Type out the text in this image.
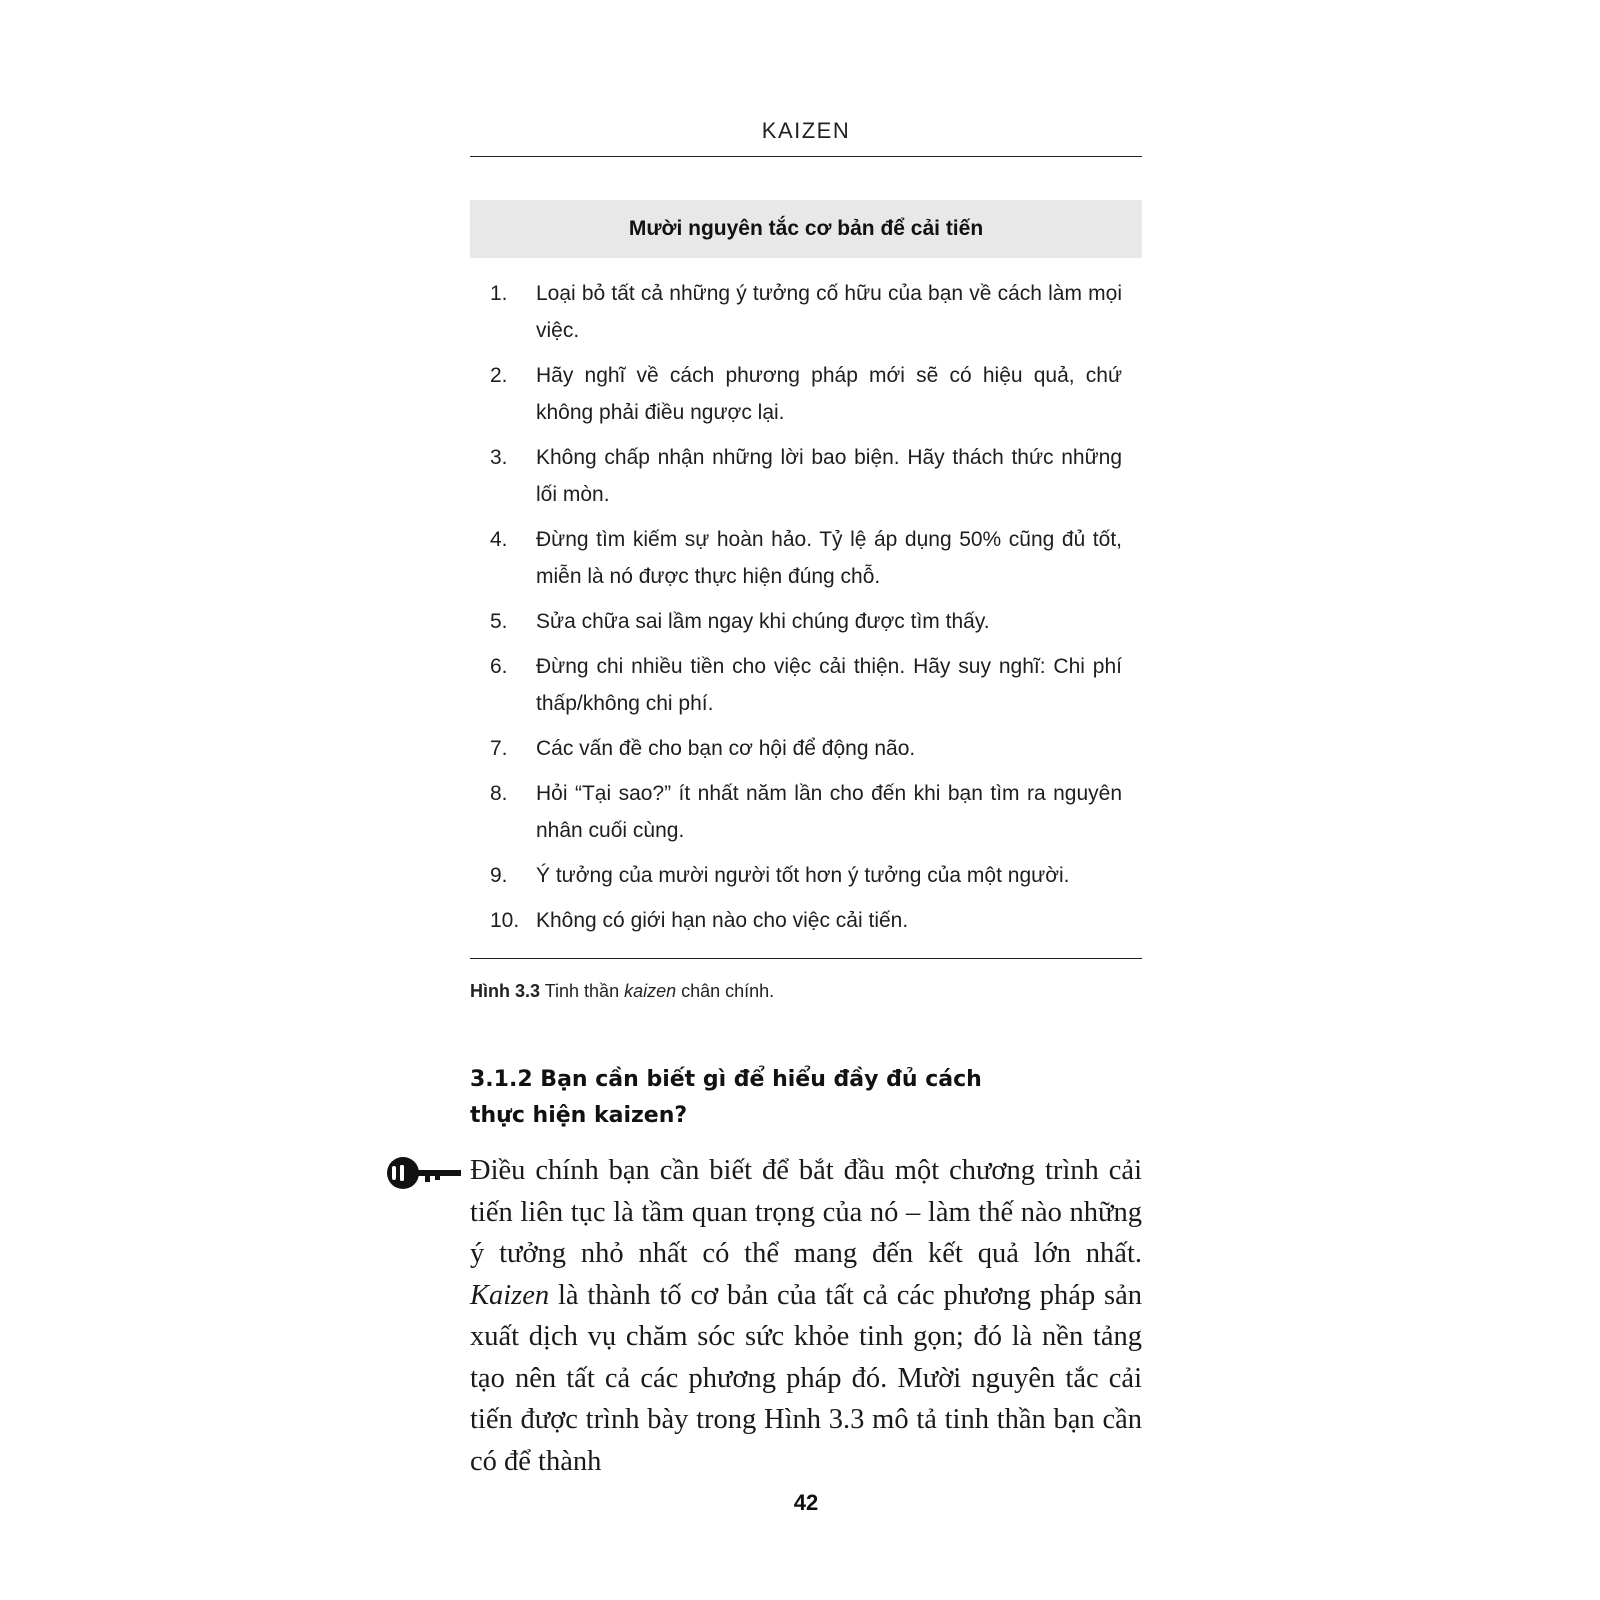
KAIZEN
Mười nguyên tắc cơ bản để cải tiến
1.	Loại bỏ tất cả những ý tưởng cố hữu của bạn về cách làm mọi việc.
2.	Hãy nghĩ về cách phương pháp mới sẽ có hiệu quả, chứ không phải điều ngược lại.
3.	Không chấp nhận những lời bao biện. Hãy thách thức những lối mòn.
4.	Đừng tìm kiếm sự hoàn hảo. Tỷ lệ áp dụng 50% cũng đủ tốt, miễn là nó được thực hiện đúng chỗ.
5.	Sửa chữa sai lầm ngay khi chúng được tìm thấy.
6.	Đừng chi nhiều tiền cho việc cải thiện. Hãy suy nghĩ: Chi phí thấp/không chi phí.
7.	Các vấn đề cho bạn cơ hội để động não.
8.	Hỏi “Tại sao?” ít nhất năm lần cho đến khi bạn tìm ra nguyên nhân cuối cùng.
9.	Ý tưởng của mười người tốt hơn ý tưởng của một người.
10. Không có giới hạn nào cho việc cải tiến.
Hình 3.3 Tinh thần kaizen chân chính.
3.1.2 Bạn cần biết gì để hiểu đầy đủ cách
thực hiện kaizen?

Điều chính bạn cần biết để bắt đầu một chương trình cải tiến liên tục là tầm quan trọng của nó – làm thế nào những ý tưởng nhỏ nhất có thể mang đến kết quả lớn nhất. Kaizen là thành tố cơ bản của tất cả các phương pháp sản xuất dịch vụ chăm sóc sức khỏe tinh gọn; đó là nền tảng tạo nên tất cả các phương pháp đó. Mười nguyên tắc cải tiến được trình bày trong Hình 3.3 mô tả tinh thần bạn cần có để thành

42
